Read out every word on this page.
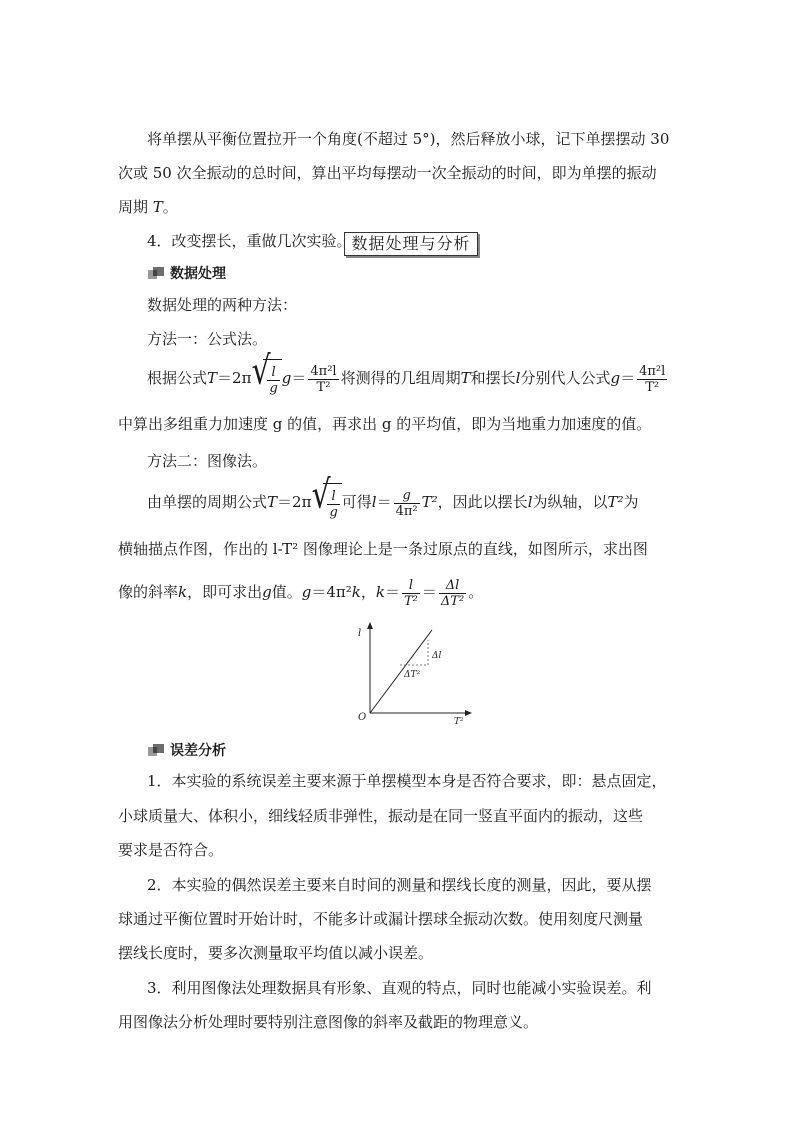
将单摆从平衡位置拉开一个角度(不超过 5°)，然后释放小球，记下单摆摆动 30
次或 50 次全振动的总时间，算出平均每摆动一次全振动的时间，即为单摆的振动
周期 T。
4．改变摆长，重做几次实验。 数据处理与分析
数据处理
数据处理的两种方法：
方法一：公式法。
根据公式T＝2π √
$\frac{l}{g} g= \frac{\text{4π²l}}{\text{T²}}$ 将测得的几组周期T和摆长l分别代人公式$g= \frac{\text{4π²l}}{\text{T²}}$
中算出多组重力加速度 g 的值，再求出 g 的平均值，即为当地重力加速度的值。
方法二：图像法。
由单摆的周期公式T＝2π √
$\frac{l}{g}$ 可得$l= \frac{g}{\text{4π²}} T^2$，因此以摆长l为纵轴，以T²为
横轴描点作图，作出的 l-T² 图像理论上是一条过原点的直线，如图所示，求出图
像的斜率k，即可求出g值。g＝4π²k，$k= \frac{l}{\text{T²}} = \frac{\Delta l}{\text{ΔT²}}$ 。
l
T²
O
Δl
ΔT²
误差分析
1．本实验的系统误差主要来源于单摆模型本身是否符合要求，即：悬点固定，
小球质量大、体积小，细线轻质非弹性，振动是在同一竖直平面内的振动，这些
要求是否符合。
2．本实验的偶然误差主要来自时间的测量和摆线长度的测量，因此，要从摆
球通过平衡位置时开始计时，不能多计或漏计摆球全振动次数。使用刻度尺测量
摆线长度时，要多次测量取平均值以减小误差。
3．利用图像法处理数据具有形象、直观的特点，同时也能减小实验误差。利
用图像法分析处理时要特别注意图像的斜率及截距的物理意义。
